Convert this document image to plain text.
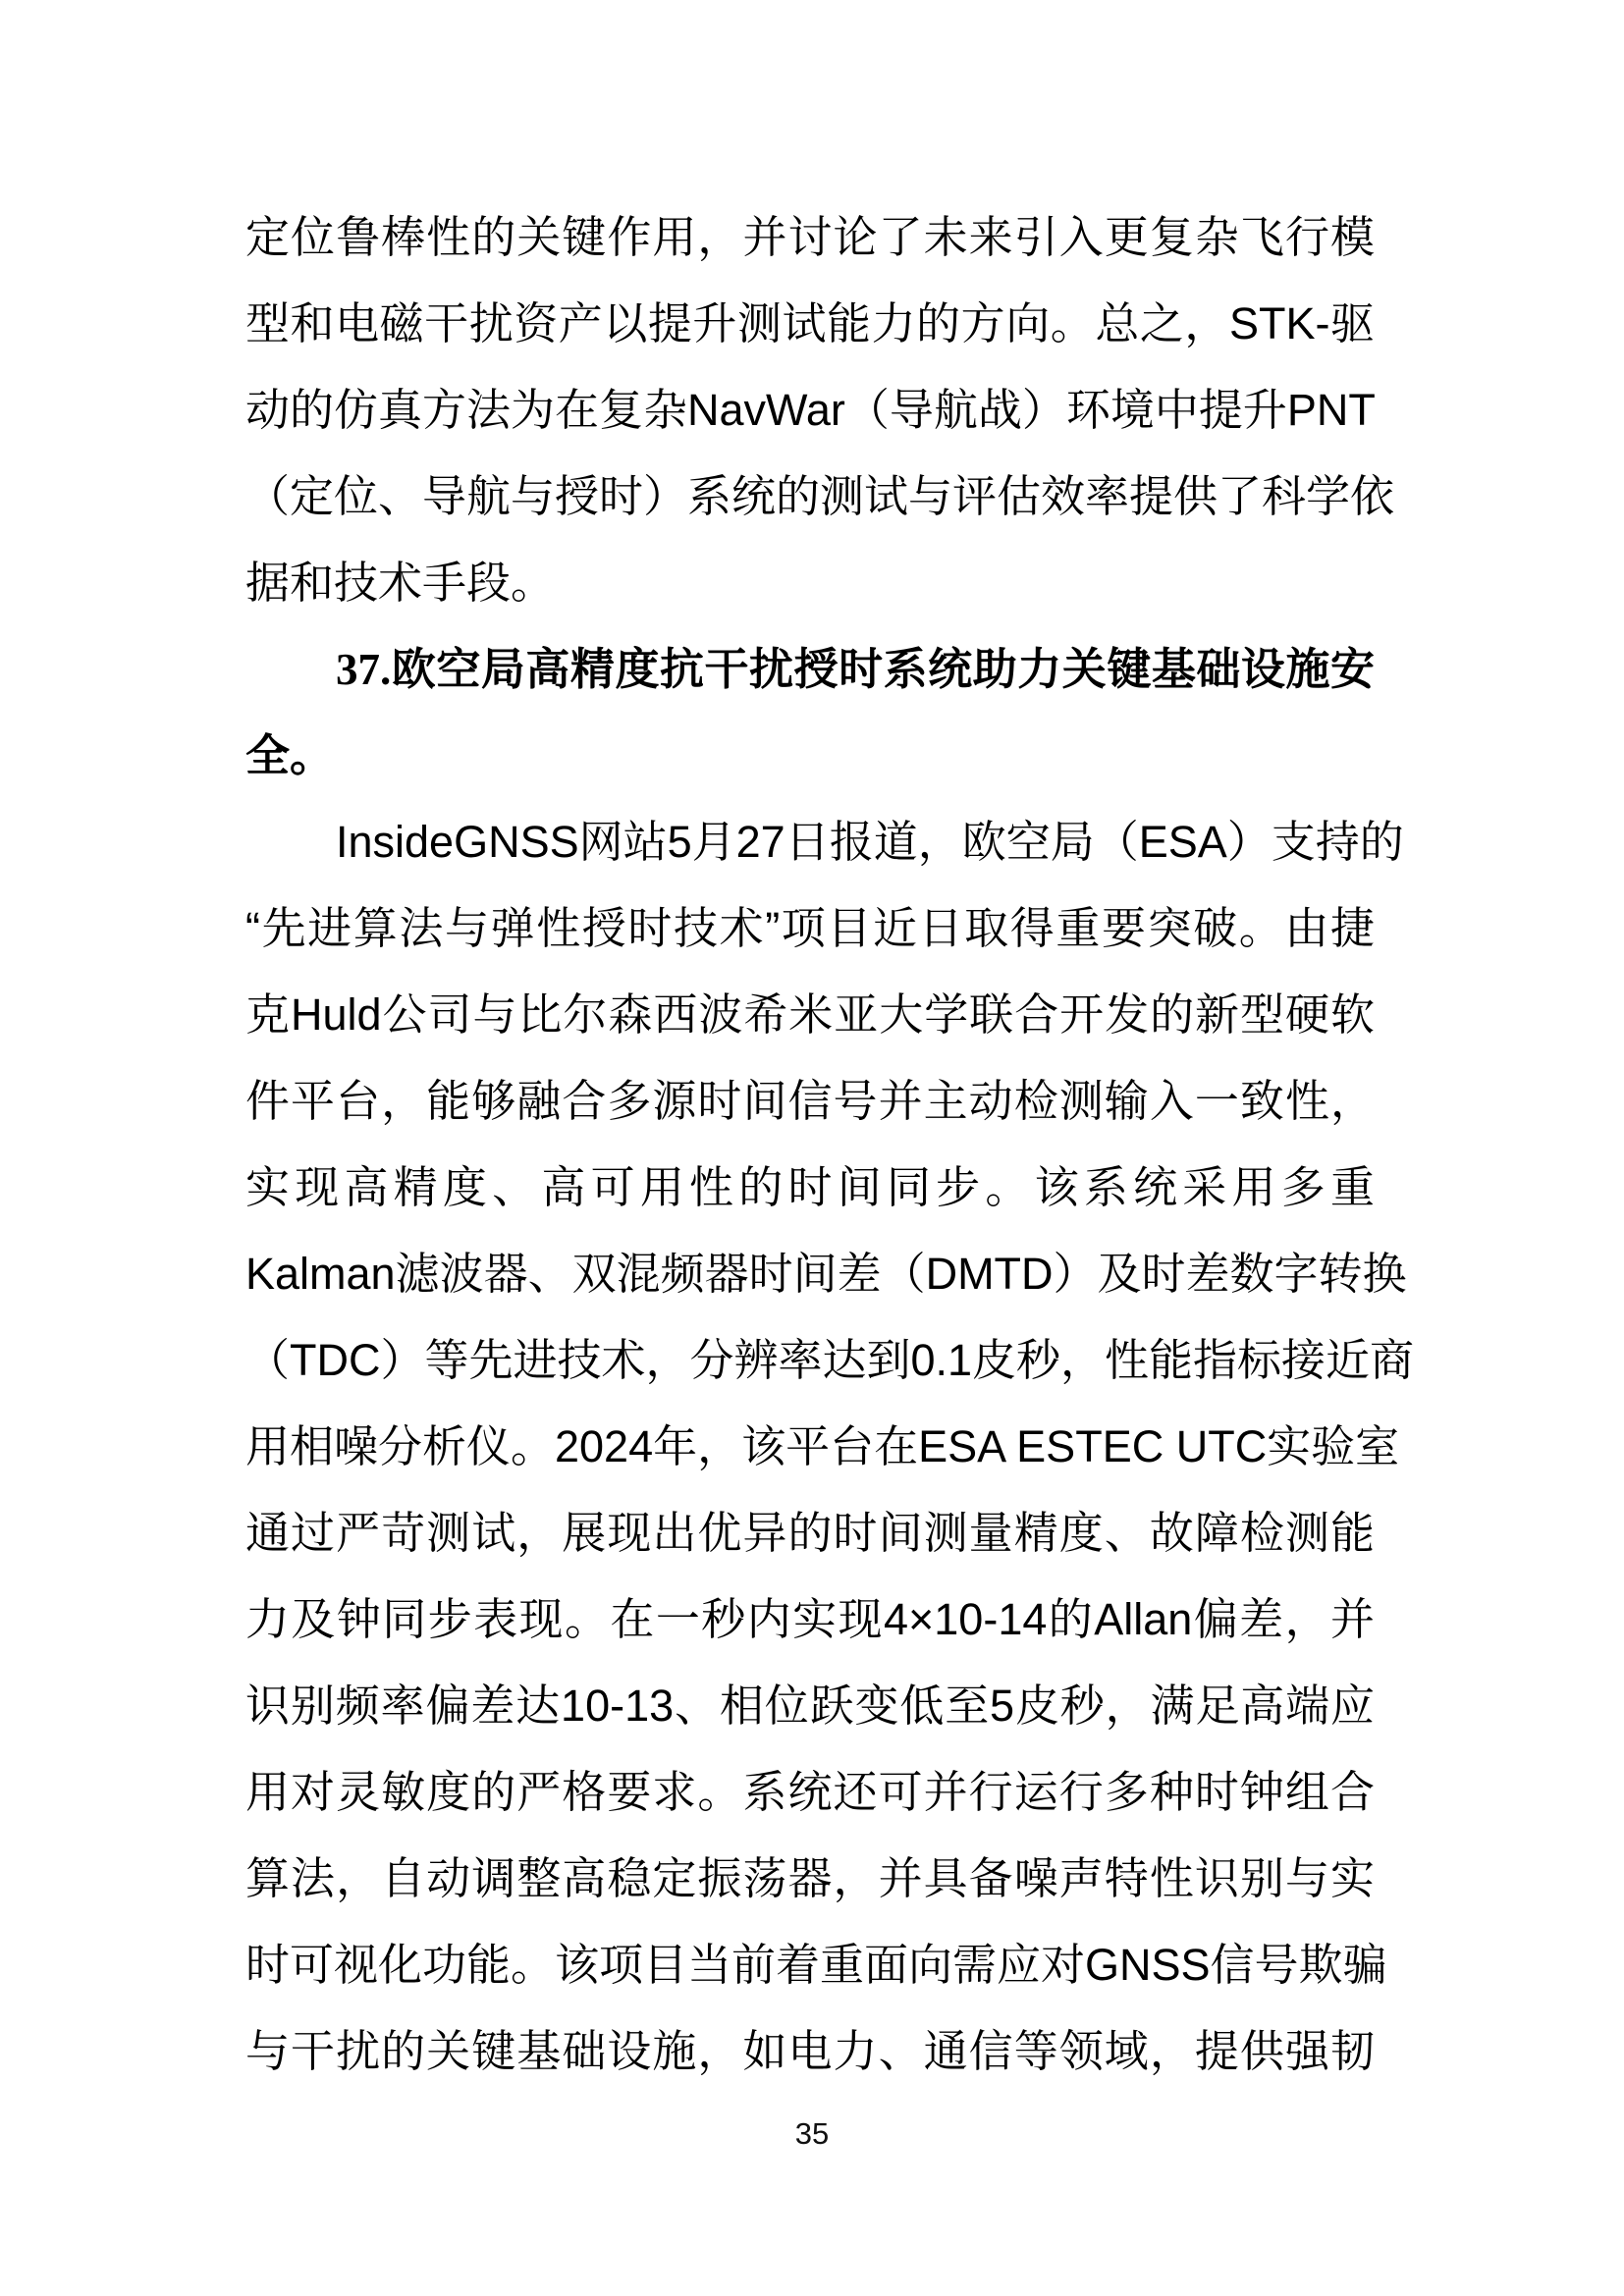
定位鲁棒性的关键作用，并讨论了未来引入更复杂飞行模
型和电磁干扰资产以提升测试能力的方向。总之，STK-驱
动的仿真方法为在复杂NavWar（导航战）环境中提升PNT
（定位、导航与授时）系统的测试与评估效率提供了科学依
据和技术手段。
37.欧空局高精度抗干扰授时系统助力关键基础设施安
全。
InsideGNSS网站5月27日报道，欧空局（ESA）支持的
“先进算法与弹性授时技术”项目近日取得重要突破。由捷
克Huld公司与比尔森西波希米亚大学联合开发的新型硬软
件平台，能够融合多源时间信号并主动检测输入一致性，
实现高精度、高可用性的时间同步。该系统采用多重
Kalman滤波器、双混频器时间差（DMTD）及时差数字转换
（TDC）等先进技术，分辨率达到0.1皮秒，性能指标接近商
用相噪分析仪。2024年，该平台在ESA ESTEC UTC实验室
通过严苛测试，展现出优异的时间测量精度、故障检测能
力及钟同步表现。在一秒内实现4×10-14的Allan偏差，并
识别频率偏差达10-13、相位跃变低至5皮秒，满足高端应
用对灵敏度的严格要求。系统还可并行运行多种时钟组合
算法，自动调整高稳定振荡器，并具备噪声特性识别与实
时可视化功能。该项目当前着重面向需应对GNSS信号欺骗
与干扰的关键基础设施，如电力、通信等领域，提供强韧
35
